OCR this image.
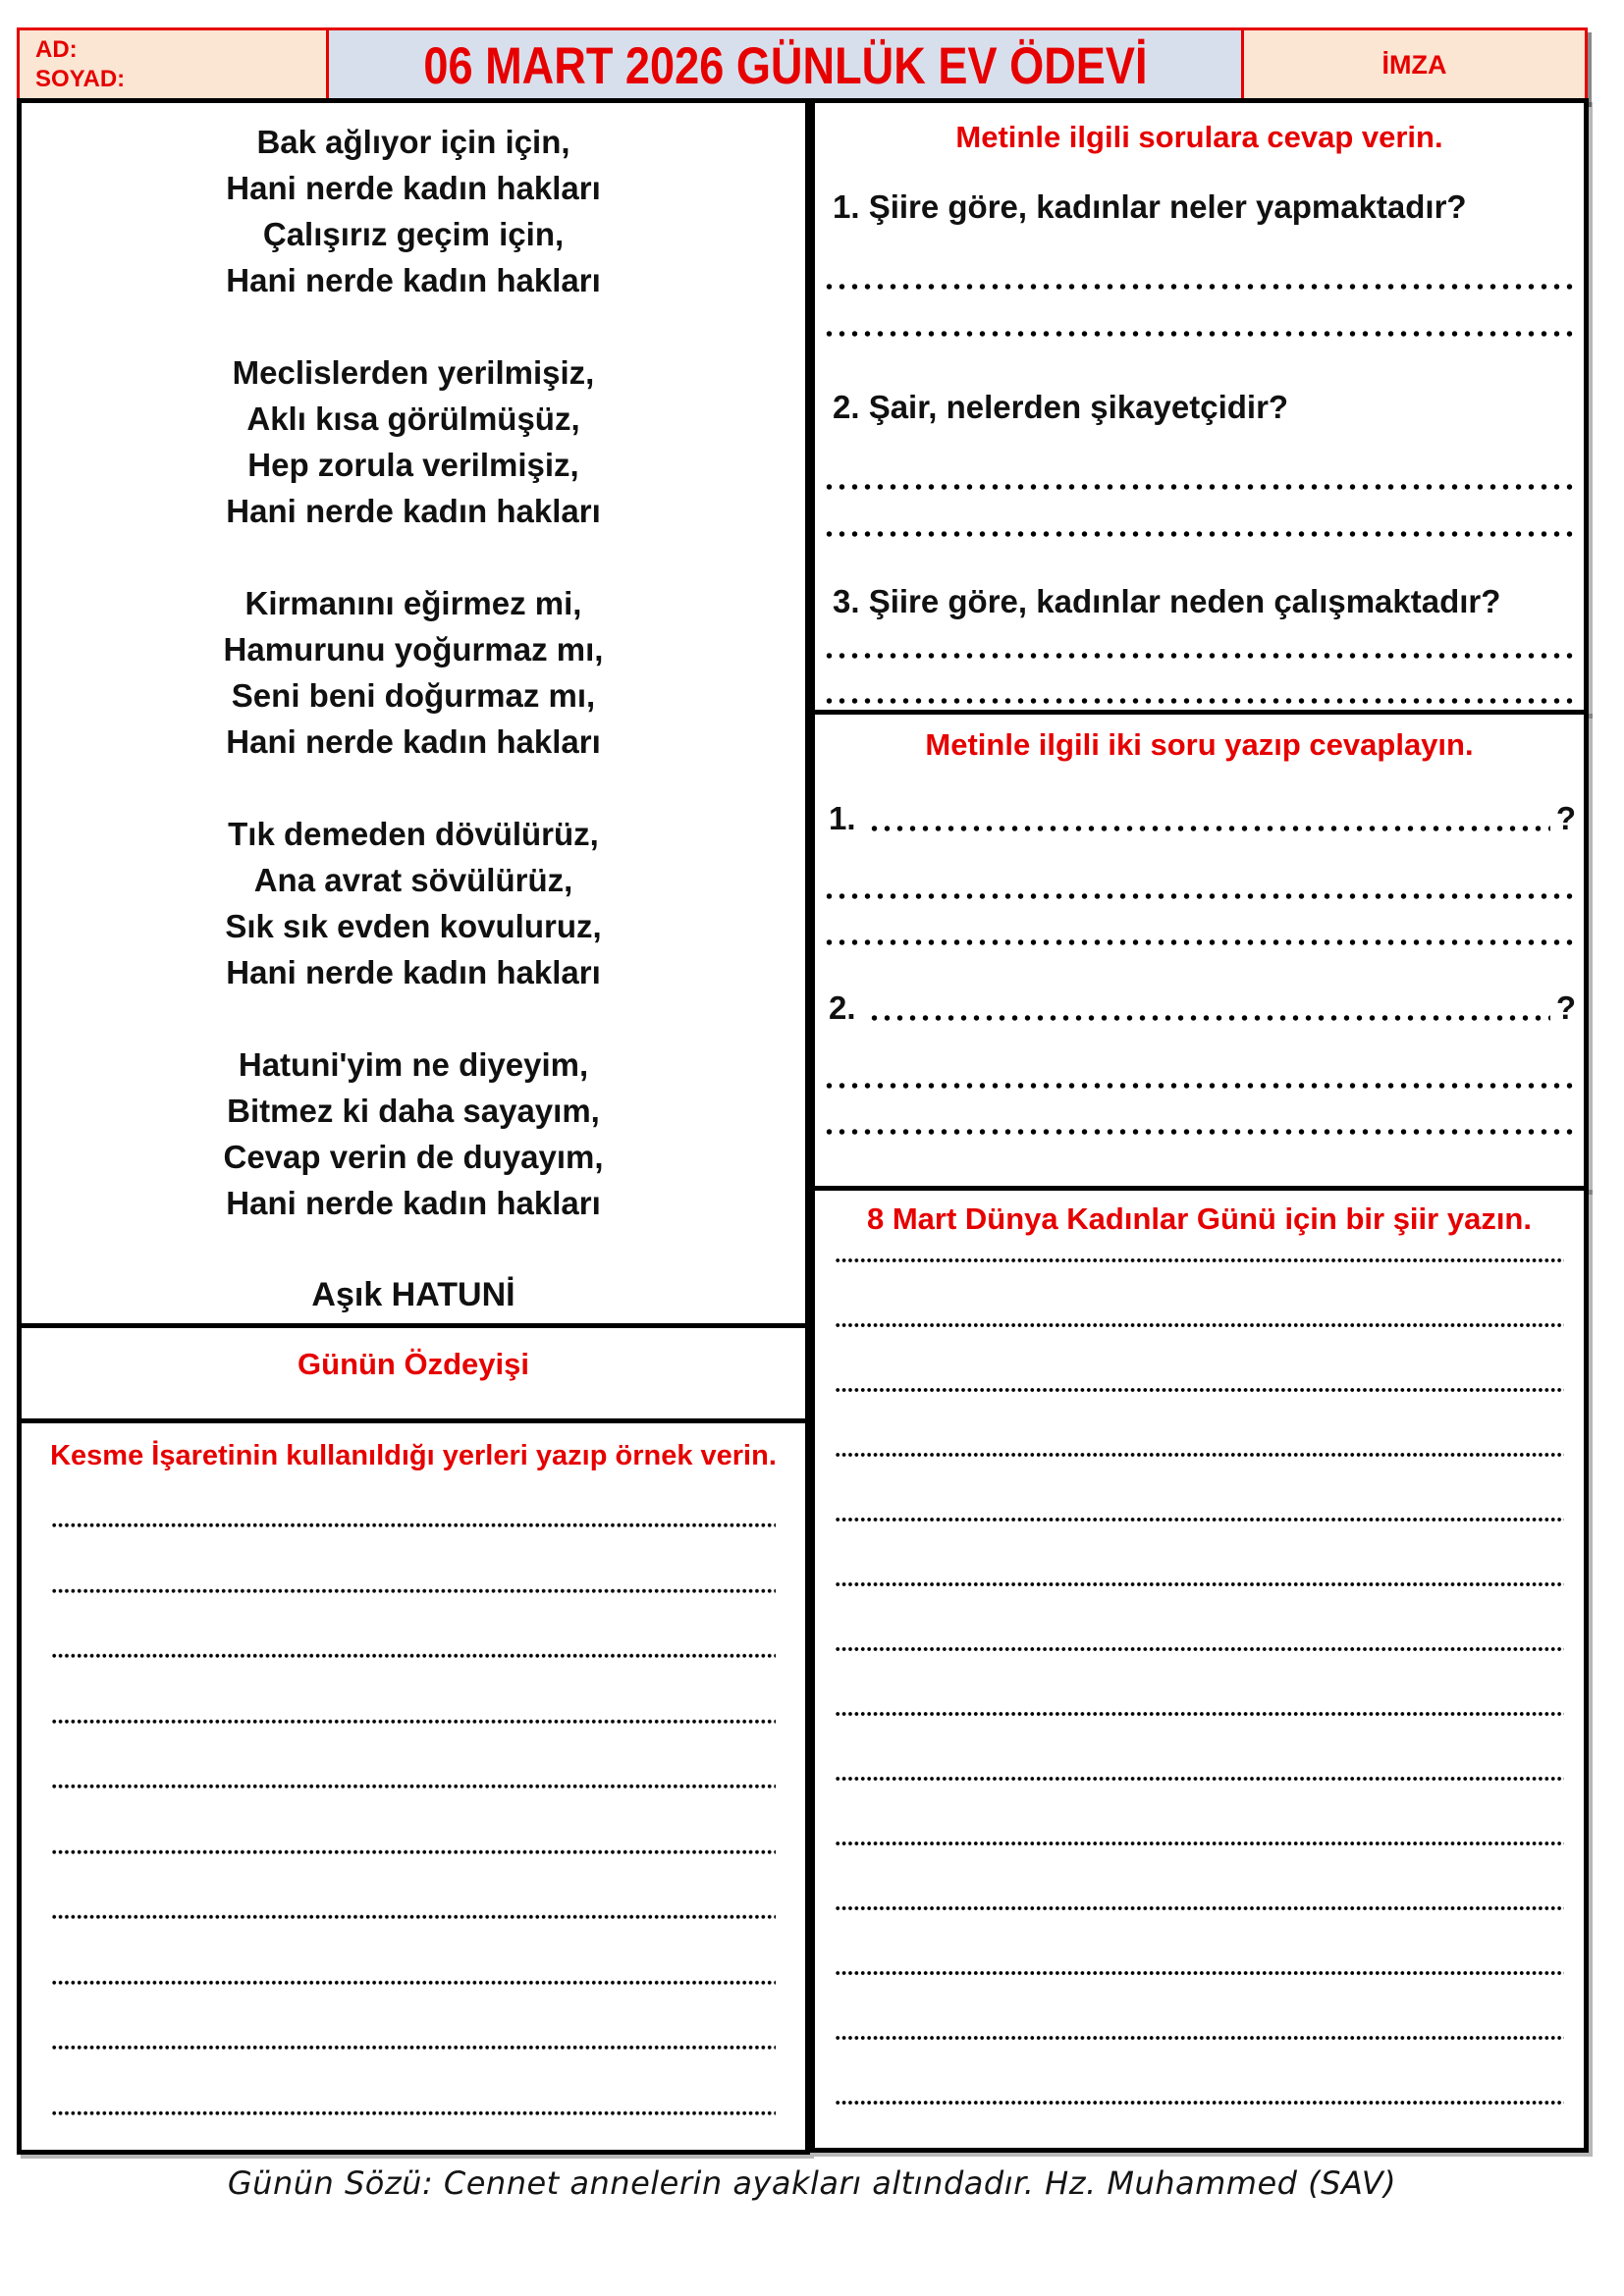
AD:
SOYAD:	06 MART 2026 GÜNLÜK EV ÖDEVİ	İMZA
Bak ağlıyor için için,
Hani nerde kadın hakları
Çalışırız geçim için,
Hani nerde kadın hakları
Meclislerden yerilmişiz,
Aklı kısa görülmüşüz,
Hep zorula verilmişiz,
Hani nerde kadın hakları
Kirmanını eğirmez mi,
Hamurunu yoğurmaz mı,
Seni beni doğurmaz mı,
Hani nerde kadın hakları
Tık demeden dövülürüz,
Ana avrat sövülürüz,
Sık sık evden kovuluruz,
Hani nerde kadın hakları
Hatuni'yim ne diyeyim,
Bitmez ki daha sayayım,
Cevap verin de duyayım,
Hani nerde kadın hakları
Aşık HATUNİ
Günün Özdeyişi
Kesme İşaretinin kullanıldığı yerleri yazıp örnek verin.
Metinle ilgili sorulara cevap verin.
1. Şiire göre, kadınlar neler yapmaktadır?
2. Şair, nelerden şikayetçidir?
3. Şiire göre, kadınlar neden çalışmaktadır?
Metinle ilgili iki soru yazıp cevaplayın.
1.	?
2.	?
8 Mart Dünya Kadınlar Günü için bir şiir yazın.
Günün Sözü: Cennet annelerin ayakları altındadır. Hz. Muhammed (SAV)
